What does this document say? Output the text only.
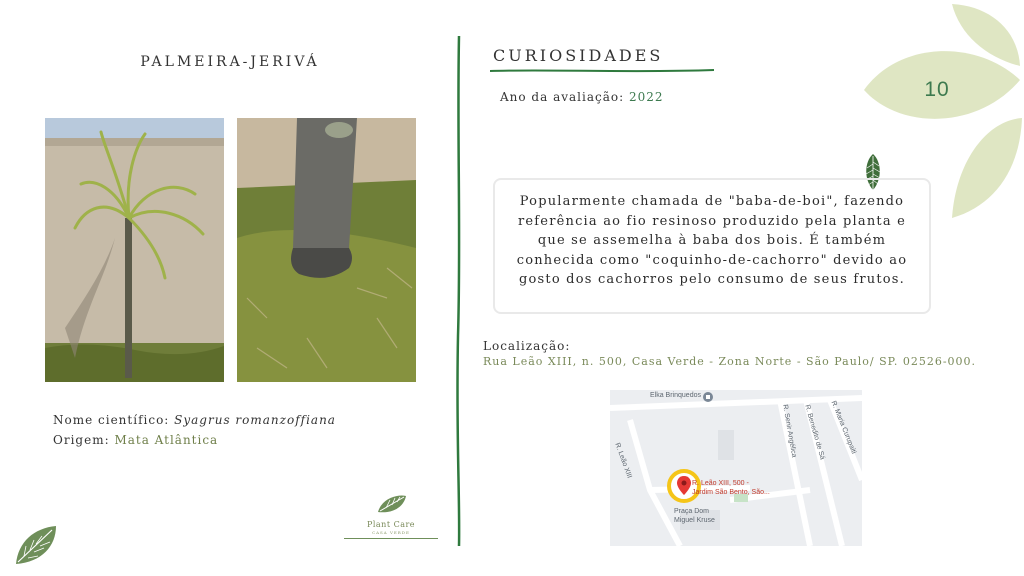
10
PALMEIRA-JERIVÁ
Nome científico: Syagrus romanzoffiana
Origem: Mata Atlântica
Plant Care
CASA VERDE
CURIOSIDADES
Ano da avaliação: 2022
Popularmente chamada de "baba-de-boi", fazendo referência ao fio resinoso produzido pela planta e que se assemelha à baba dos bois. É também conhecida como "coquinho-de-cachorro" devido ao gosto dos cachorros pelo consumo de seus frutos.
Localização:
Rua Leão XIII, n. 500, Casa Verde - Zona Norte - São Paulo/ SP. 02526-000.
Elka Brinquedos
R. Leão XIII
R. Senir Angélica R. Benedito de Sá R. Maria Curupaiti
R. Leão XIII, 500 -
Jardim São Bento, São...
Praça Dom
Miguel Kruse
